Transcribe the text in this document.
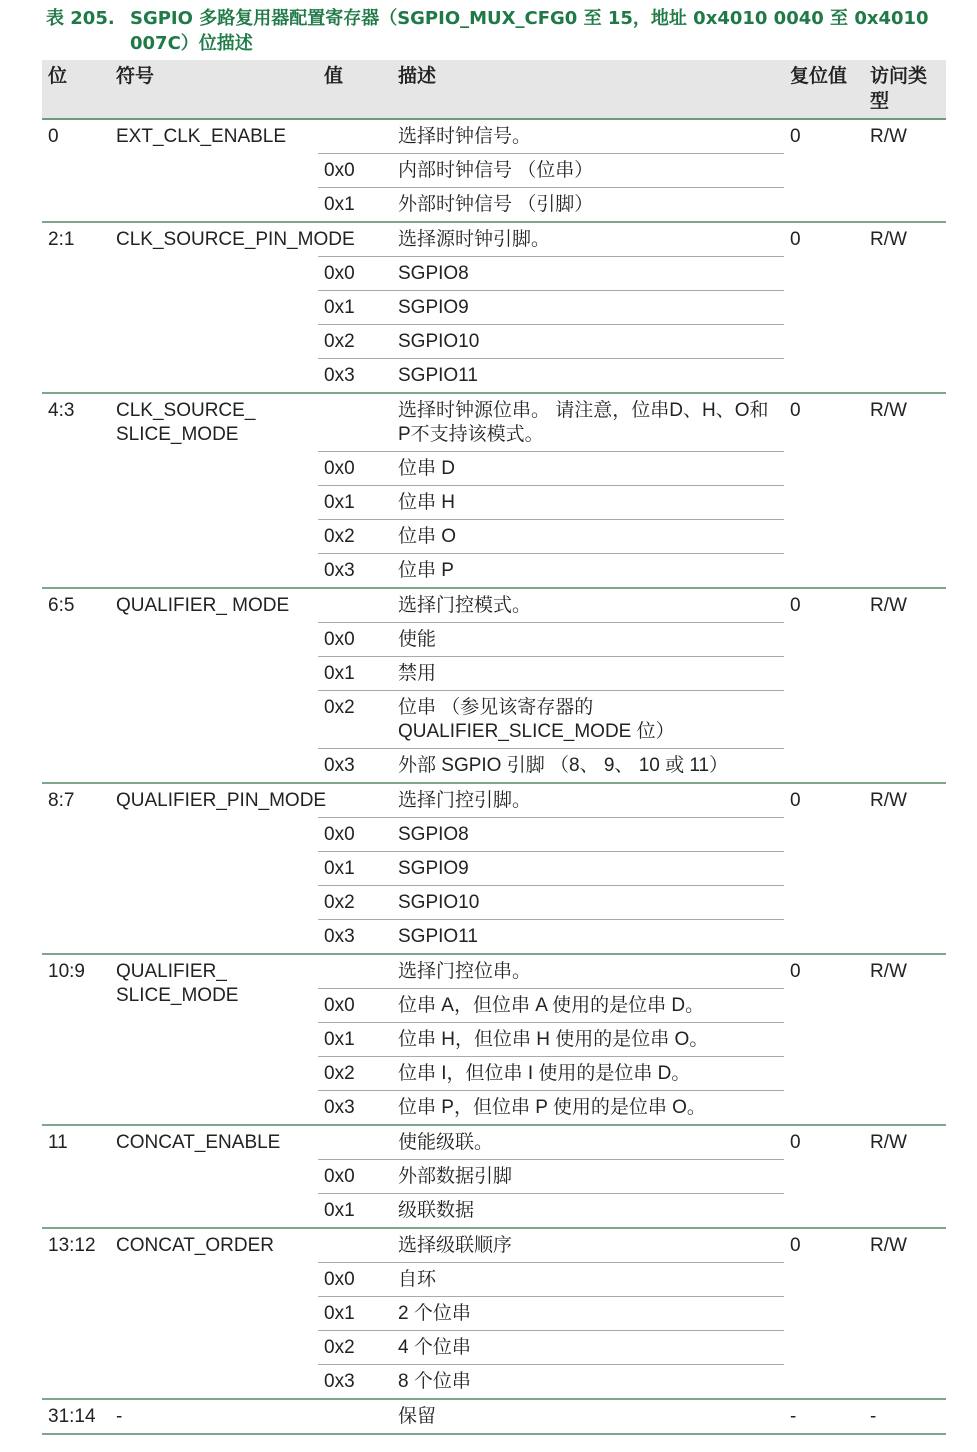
表 205. SGPIO 多路复用器配置寄存器（SGPIO_MUX_CFG0 至 15，地址 0x4010 0040 至 0x4010 007C）位描述
位	符号	值	描述	复位值	访问类型
0	EXT_CLK_ENABLE		选择时钟信号。	0	R/W
		0x0	内部时钟信号 （位串）		
		0x1	外部时钟信号 （引脚）		
2:1	CLK_SOURCE_PIN_MODE		选择源时钟引脚。	0	R/W
		0x0	SGPIO8		
		0x1	SGPIO9		
		0x2	SGPIO10		
		0x3	SGPIO11		
4:3	CLK_SOURCE_ SLICE_MODE		选择时钟源位串。 请注意，位串D、H、O和P不支持该模式。	0	R/W
		0x0	位串 D		
		0x1	位串 H		
		0x2	位串 O		
		0x3	位串 P		
6:5	QUALIFIER_ MODE		选择门控模式。	0	R/W
		0x0	使能		
		0x1	禁用		
		0x2	位串 （参见该寄存器的 QUALIFIER_SLICE_MODE 位）		
		0x3	外部 SGPIO 引脚 （8、 9、 10 或 11）		
8:7	QUALIFIER_PIN_MODE		选择门控引脚。	0	R/W
		0x0	SGPIO8		
		0x1	SGPIO9		
		0x2	SGPIO10		
		0x3	SGPIO11		
10:9	QUALIFIER_ SLICE_MODE		选择门控位串。	0	R/W
		0x0	位串 A，但位串 A 使用的是位串 D。		
		0x1	位串 H，但位串 H 使用的是位串 O。		
		0x2	位串 I，但位串 I 使用的是位串 D。		
		0x3	位串 P，但位串 P 使用的是位串 O。		
11	CONCAT_ENABLE		使能级联。	0	R/W
		0x0	外部数据引脚		
		0x1	级联数据		
13:12	CONCAT_ORDER		选择级联顺序	0	R/W
		0x0	自环		
		0x1	2 个位串		
		0x2	4 个位串		
		0x3	8 个位串		
31:14	-		保留	-	-
